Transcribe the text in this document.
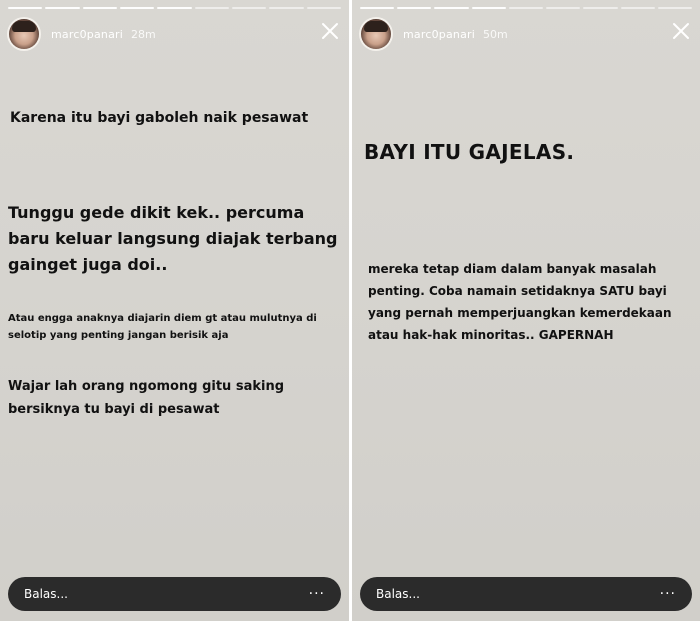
marc0panari 28m

Karena itu bayi gaboleh naik pesawat

Tunggu gede dikit kek.. percuma baru keluar langsung diajak terbang gainget juga doi..

Atau engga anaknya diajarin diem gt atau mulutnya di selotip yang penting jangan berisik aja

Wajar lah orang ngomong gitu saking bersiknya tu bayi di pesawat

Balas...	···
marc0panari 50m

BAYI ITU GAJELAS.

mereka tetap diam dalam banyak masalah penting. Coba namain setidaknya SATU bayi yang pernah memperjuangkan kemerdekaan atau hak-hak minoritas.. GAPERNAH

Balas...	···
